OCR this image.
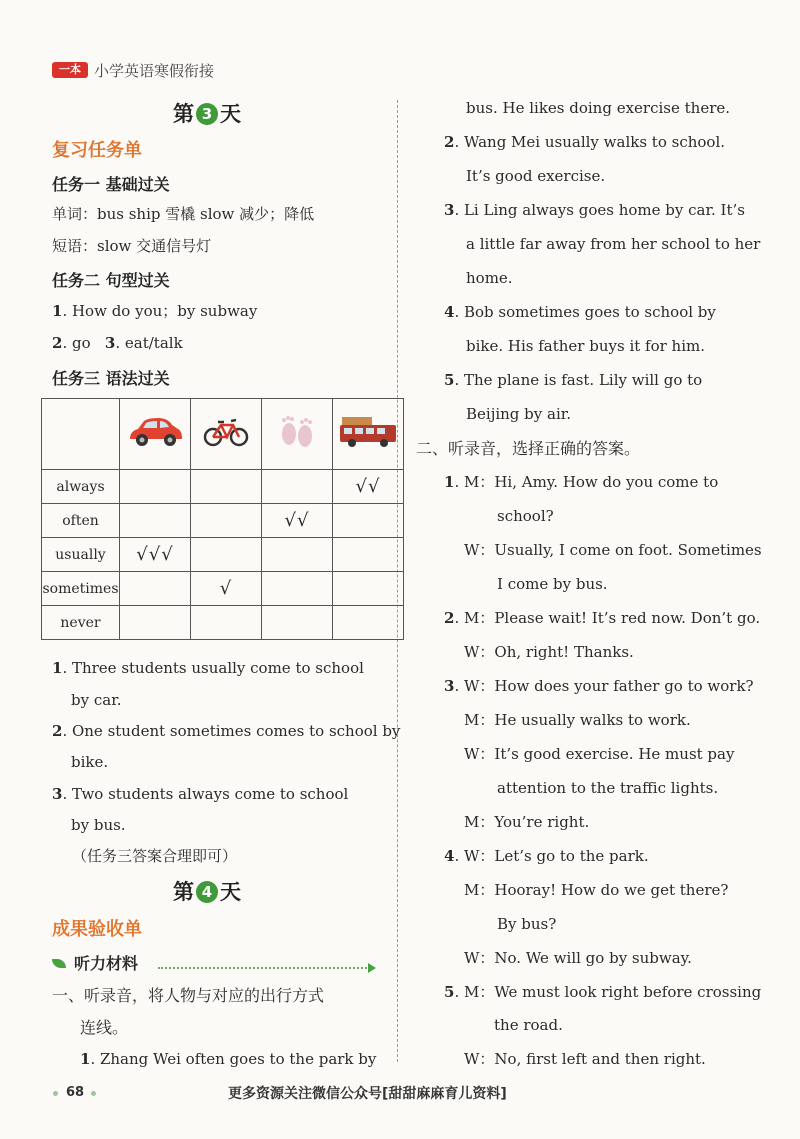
一本 小学英语寒假衔接
第 3 天
复习任务单
任务一 基础过关
单词：bus ship 雪橇 slow 减少；降低
短语：slow 交通信号灯
任务二 句型过关
1. How do you；by subway
2. go 3. eat/talk
任务三 语法过关

always				√√
often			√√	
usually	√√√			
sometimes		√		
never				
1. Three students usually come to school
by car.
2. One student sometimes comes to school by
bike.
3. Two students always come to school
by bus.
（任务三答案合理即可）
第 4 天
成果验收单
听力材料
一、听录音，将人物与对应的出行方式
连线。
1. Zhang Wei often goes to the park by
bus. He likes doing exercise there.
2. Wang Mei usually walks to school.
It’s good exercise.
3. Li Ling always goes home by car. It’s
a little far away from her school to her
home.
4. Bob sometimes goes to school by
bike. His father buys it for him.
5. The plane is fast. Lily will go to
Beijing by air.
二、听录音，选择正确的答案。
1. M：Hi, Amy. How do you come to
school?
W：Usually, I come on foot. Sometimes
I come by bus.
2. M：Please wait! It’s red now. Don’t go.
W：Oh, right! Thanks.
3. W：How does your father go to work?
M：He usually walks to work.
W：It’s good exercise. He must pay
attention to the traffic lights.
M：You’re right.
4. W：Let’s go to the park.
M：Hooray! How do we get there?
By bus?
W：No. We will go by subway.
5. M：We must look right before crossing
the road.
W：No, first left and then right.
68	更多资源关注微信公众号[甜甜麻麻育儿资料]
